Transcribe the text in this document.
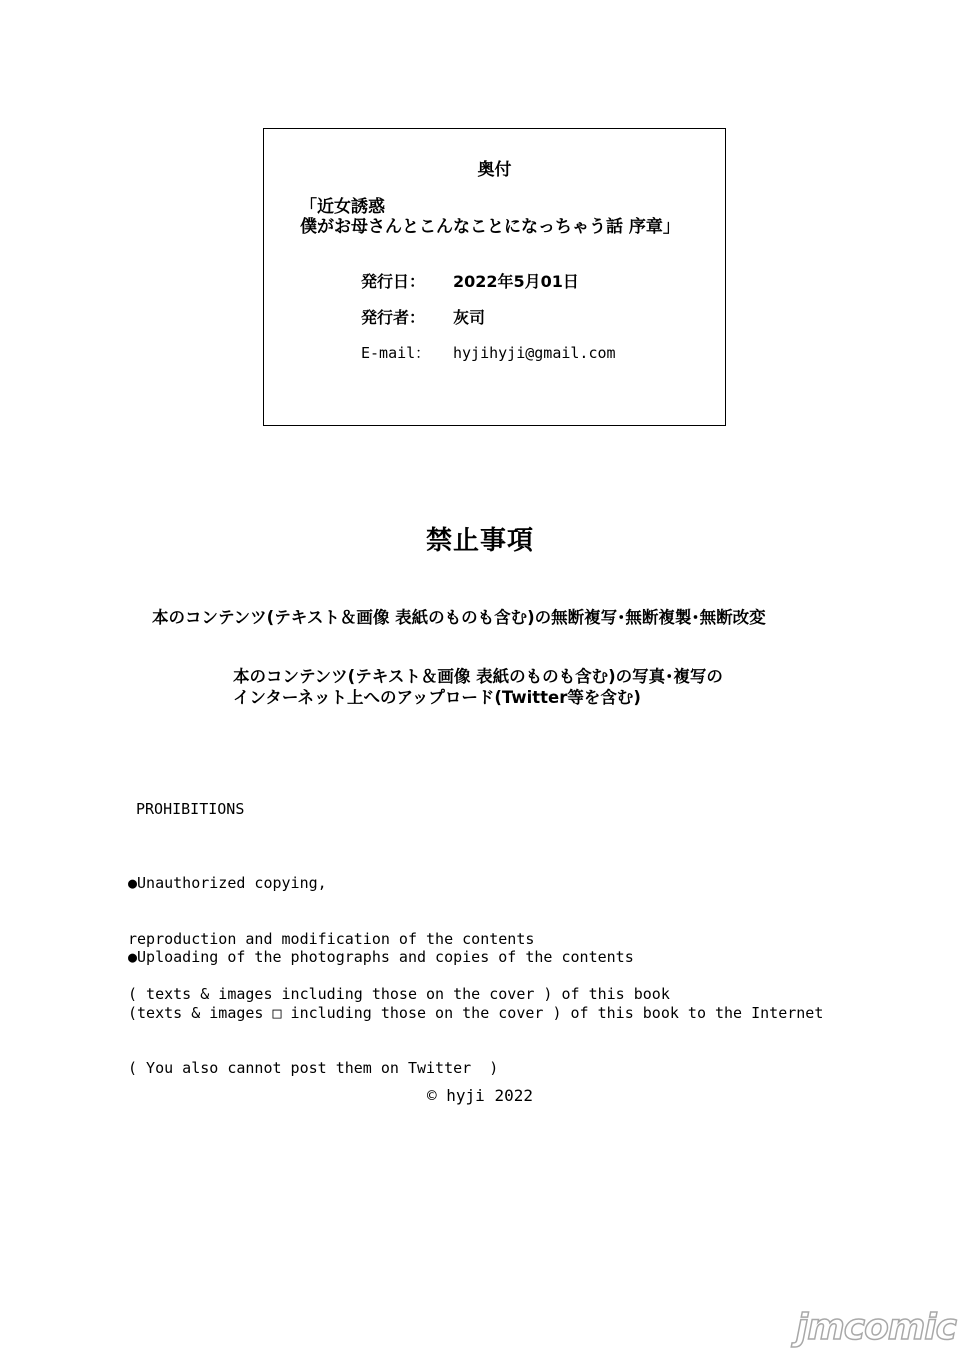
奥付
「近女誘惑
僕がお母さんとこんなことになっちゃう話 序章」
発行日： 2022年5月01日
発行者： 灰司
E-mail： hyjihyji@gmail.com
禁止事項
本のコンテンツ(テキスト＆画像 表紙のものも含む)の無断複写･無断複製･無断改変
本のコンテンツ(テキスト＆画像 表紙のものも含む)の写真･複写の
インターネット上へのアップロード(Twitter等を含む)
PROHIBITIONS

●Unauthorized copying,

reproduction and modification of the contents

( texts & images including those on the cover ) of this book

●Uploading of the photographs and copies of the contents

(texts & images □ including those on the cover ) of this book to the Internet

( You also cannot post them on Twitter  )

© hyji 2022
jmcomic
